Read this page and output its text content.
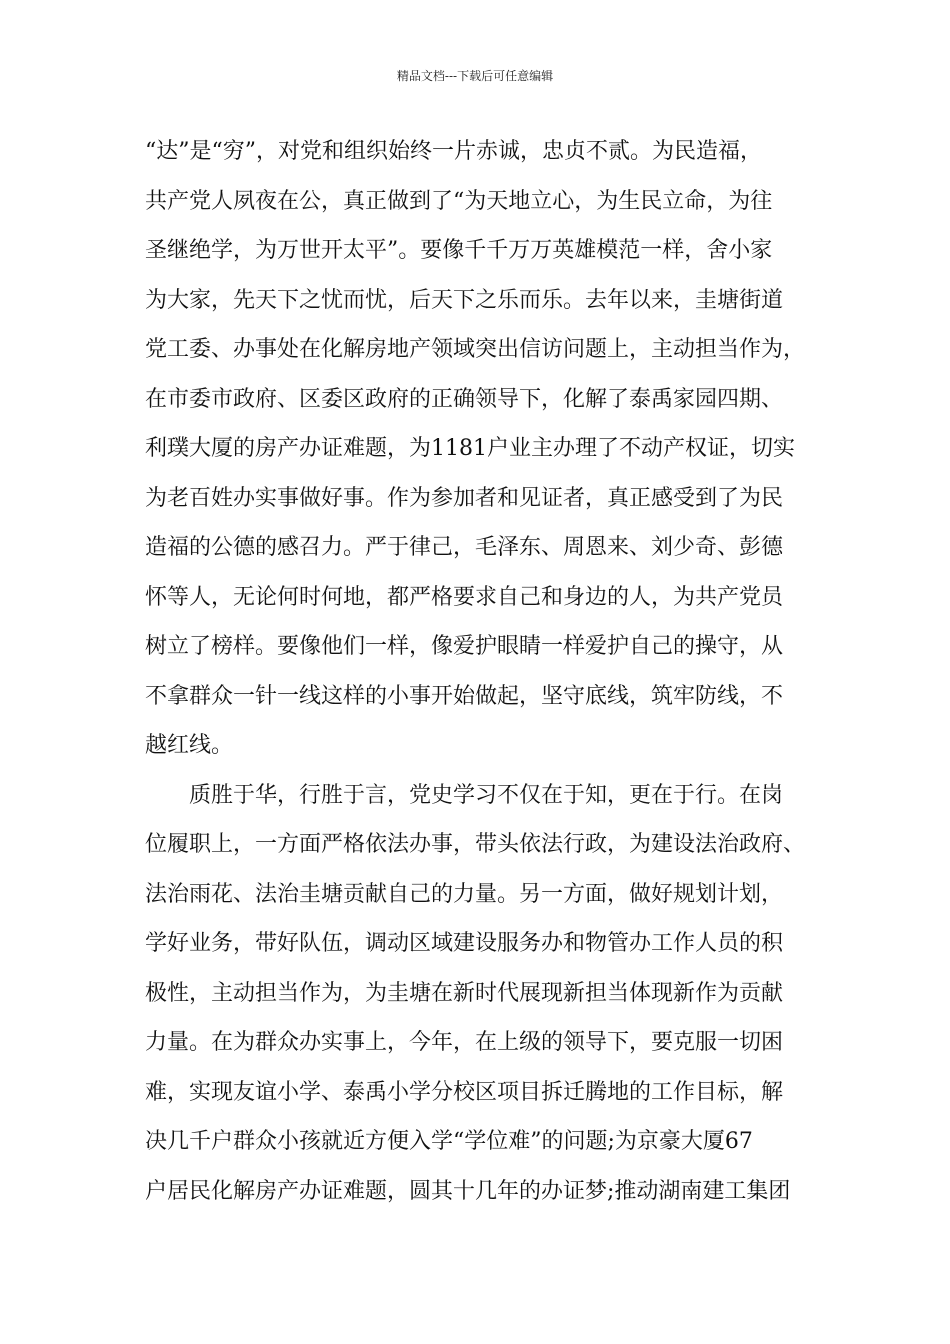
精品文档---下载后可任意编辑
“达”是“穷”，对党和组织始终一片赤诚，忠贞不贰。为民造福，
共产党人夙夜在公，真正做到了“为天地立心，为生民立命，为往
圣继绝学，为万世开太平”。要像千千万万英雄模范一样，舍小家
为大家，先天下之忧而忧，后天下之乐而乐。去年以来，圭塘街道
党工委、办事处在化解房地产领域突出信访问题上，主动担当作为，
在市委市政府、区委区政府的正确领导下，化解了泰禹家园四期、
利璞大厦的房产办证难题，为1181户业主办理了不动产权证，切实
为老百姓办实事做好事。作为参加者和见证者，真正感受到了为民
造福的公德的感召力。严于律己，毛泽东、周恩来、刘少奇、彭德
怀等人，无论何时何地，都严格要求自己和身边的人，为共产党员
树立了榜样。要像他们一样，像爱护眼睛一样爱护自己的操守，从
不拿群众一针一线这样的小事开始做起，坚守底线，筑牢防线，不
越红线。
质胜于华，行胜于言，党史学习不仅在于知，更在于行。在岗
位履职上，一方面严格依法办事，带头依法行政，为建设法治政府、
法治雨花、法治圭塘贡献自己的力量。另一方面，做好规划计划，
学好业务，带好队伍，调动区域建设服务办和物管办工作人员的积
极性，主动担当作为，为圭塘在新时代展现新担当体现新作为贡献
力量。在为群众办实事上，今年，在上级的领导下，要克服一切困
难，实现友谊小学、泰禹小学分校区项目拆迁腾地的工作目标，解
决几千户群众小孩就近方便入学“学位难”的问题;为京豪大厦67
户居民化解房产办证难题，圆其十几年的办证梦;推动湖南建工集团
